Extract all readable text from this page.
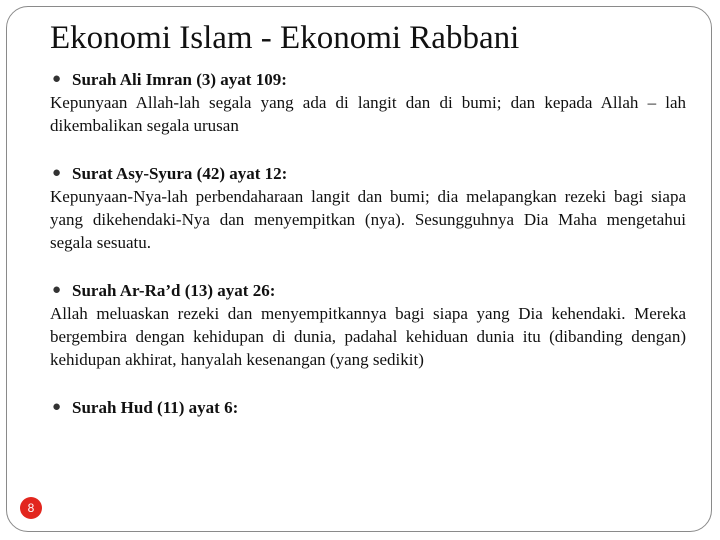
Ekonomi Islam - Ekonomi Rabbani
● Surah Ali Imran (3) ayat 109:
Kepunyaan Allah-lah segala yang ada di langit dan di bumi; dan kepada Allah – lah
dikembalikan segala urusan
● Surat Asy-Syura (42) ayat 12:
Kepunyaan-Nya-lah perbendaharaan langit dan bumi; dia melapangkan rezeki bagi siapa
yang dikehendaki-Nya dan menyempitkan (nya). Sesungguhnya Dia Maha mengetahui
segala sesuatu.
● Surah Ar-Ra’d (13) ayat 26:
Allah meluaskan rezeki dan menyempitkannya bagi siapa yang Dia kehendaki. Mereka
bergembira dengan kehidupan di dunia, padahal kehiduan dunia itu (dibanding dengan)
kehidupan akhirat, hanyalah kesenangan (yang sedikit)
● Surah Hud (11) ayat 6:
8
